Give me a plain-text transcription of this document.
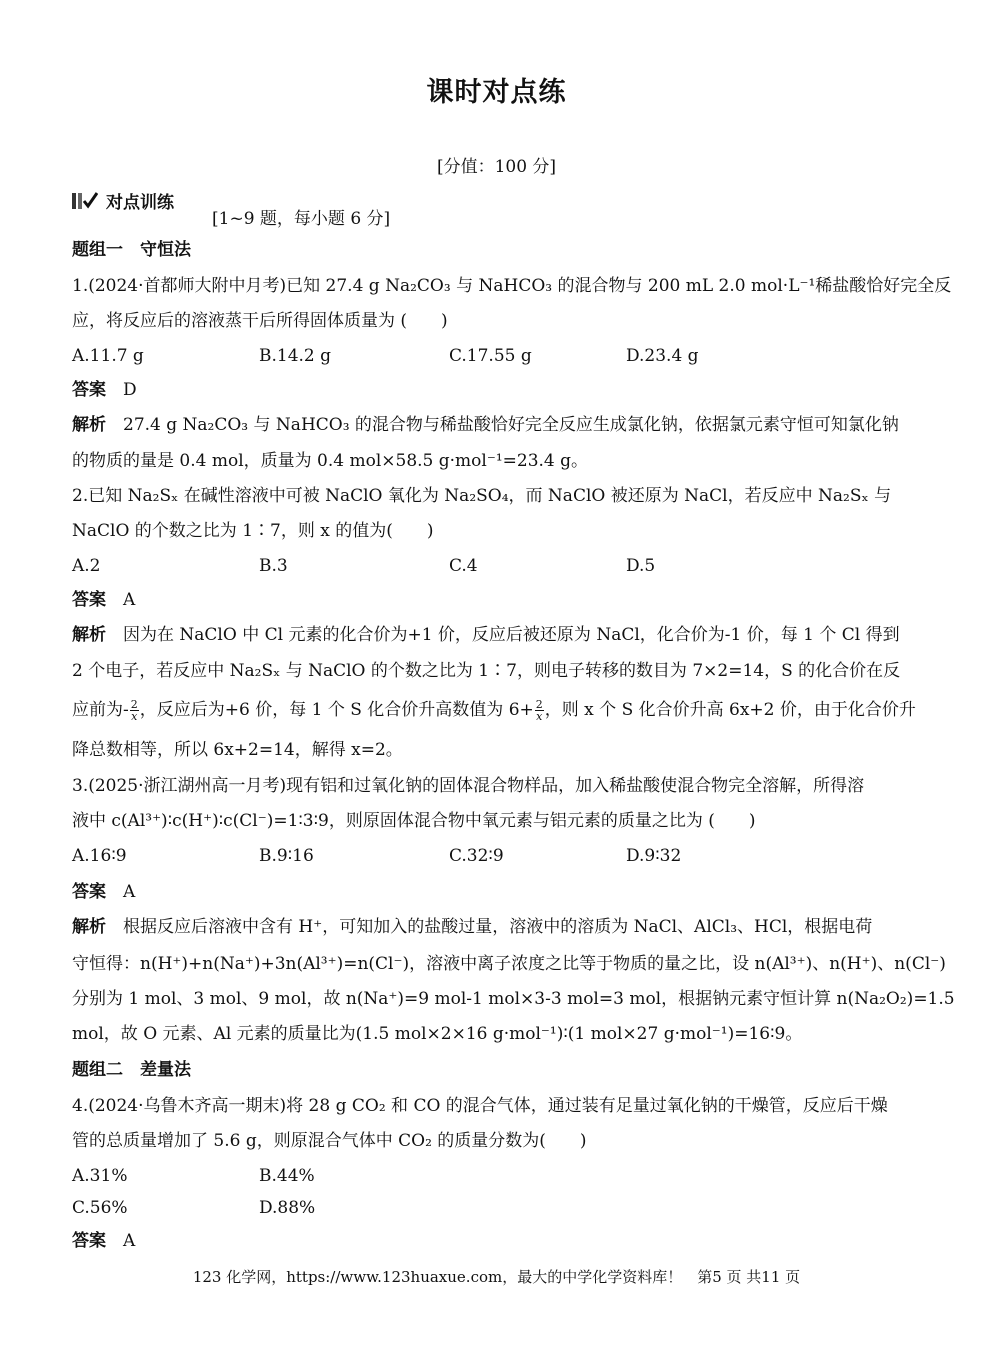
课时对点练
[分值：100 分]
对点训练
[1~9 题，每小题 6 分]
题组一　守恒法
1.(2024·首都师大附中月考)已知 27.4 g Na₂CO₃ 与 NaHCO₃ 的混合物与 200 mL 2.0 mol·L⁻¹稀盐酸恰好完全反
应，将反应后的溶液蒸干后所得固体质量为 (　　)
A.11.7 g	B.14.2 g	C.17.55 g	D.23.4 g
答案　 D
解析　 27.4 g Na₂CO₃ 与 NaHCO₃ 的混合物与稀盐酸恰好完全反应生成氯化钠，依据氯元素守恒可知氯化钠
的物质的量是 0.4 mol，质量为 0.4 mol×58.5 g·mol⁻¹=23.4 g。
2.已知 Na₂Sₓ 在碱性溶液中可被 NaClO 氧化为 Na₂SO₄，而 NaClO 被还原为 NaCl，若反应中 Na₂Sₓ 与
NaClO 的个数之比为 1∶7，则 x 的值为(　　)
A.2	B.3	C.4	D.5
答案　 A
解析　 因为在 NaClO 中 Cl 元素的化合价为+1 价，反应后被还原为 NaCl，化合价为-1 价，每 1 个 Cl 得到
2 个电子，若反应中 Na₂Sₓ 与 NaClO 的个数之比为 1∶7，则电子转移的数目为 7×2=14，S 的化合价在反
应前为- $\frac{2}{x}$ ，反应后为+6 价，每 1 个 S 化合价升高数值为 $6+ \frac{2}{x}$ ，则 x 个 S 化合价升高 6x+2 价，由于化合价升
降总数相等，所以 6x+2=14，解得 x=2。
3.(2025·浙江湖州高一月考)现有铝和过氧化钠的固体混合物样品，加入稀盐酸使混合物完全溶解，所得溶
液中 c(Al³⁺)∶c(H⁺)∶c(Cl⁻)=1∶3∶9，则原固体混合物中氧元素与铝元素的质量之比为 (　　)
A.16∶9	B.9∶16	C.32∶9	D.9∶32
答案　 A
解析　 根据反应后溶液中含有 H⁺，可知加入的盐酸过量，溶液中的溶质为 NaCl、AlCl₃、HCl，根据电荷
守恒得：n(H⁺)+n(Na⁺)+3n(Al³⁺)=n(Cl⁻)，溶液中离子浓度之比等于物质的量之比，设 n(Al³⁺)、n(H⁺)、n(Cl⁻)
分别为 1 mol、3 mol、9 mol，故 n(Na⁺)=9 mol-1 mol×3-3 mol=3 mol，根据钠元素守恒计算 n(Na₂O₂)=1.5
mol，故 O 元素、Al 元素的质量比为(1.5 mol×2×16 g·mol⁻¹)∶(1 mol×27 g·mol⁻¹)=16∶9。
题组二　差量法
4.(2024·乌鲁木齐高一期末)将 28 g CO₂ 和 CO 的混合气体，通过装有足量过氧化钠的干燥管，反应后干燥
管的总质量增加了 5.6 g，则原混合气体中 CO₂ 的质量分数为(　　)
A.31%	B.44%
C.56%	D.88%
答案　 A
123 化学网，https://www.123huaxue.com，最大的中学化学资料库！　第5 页 共11 页
